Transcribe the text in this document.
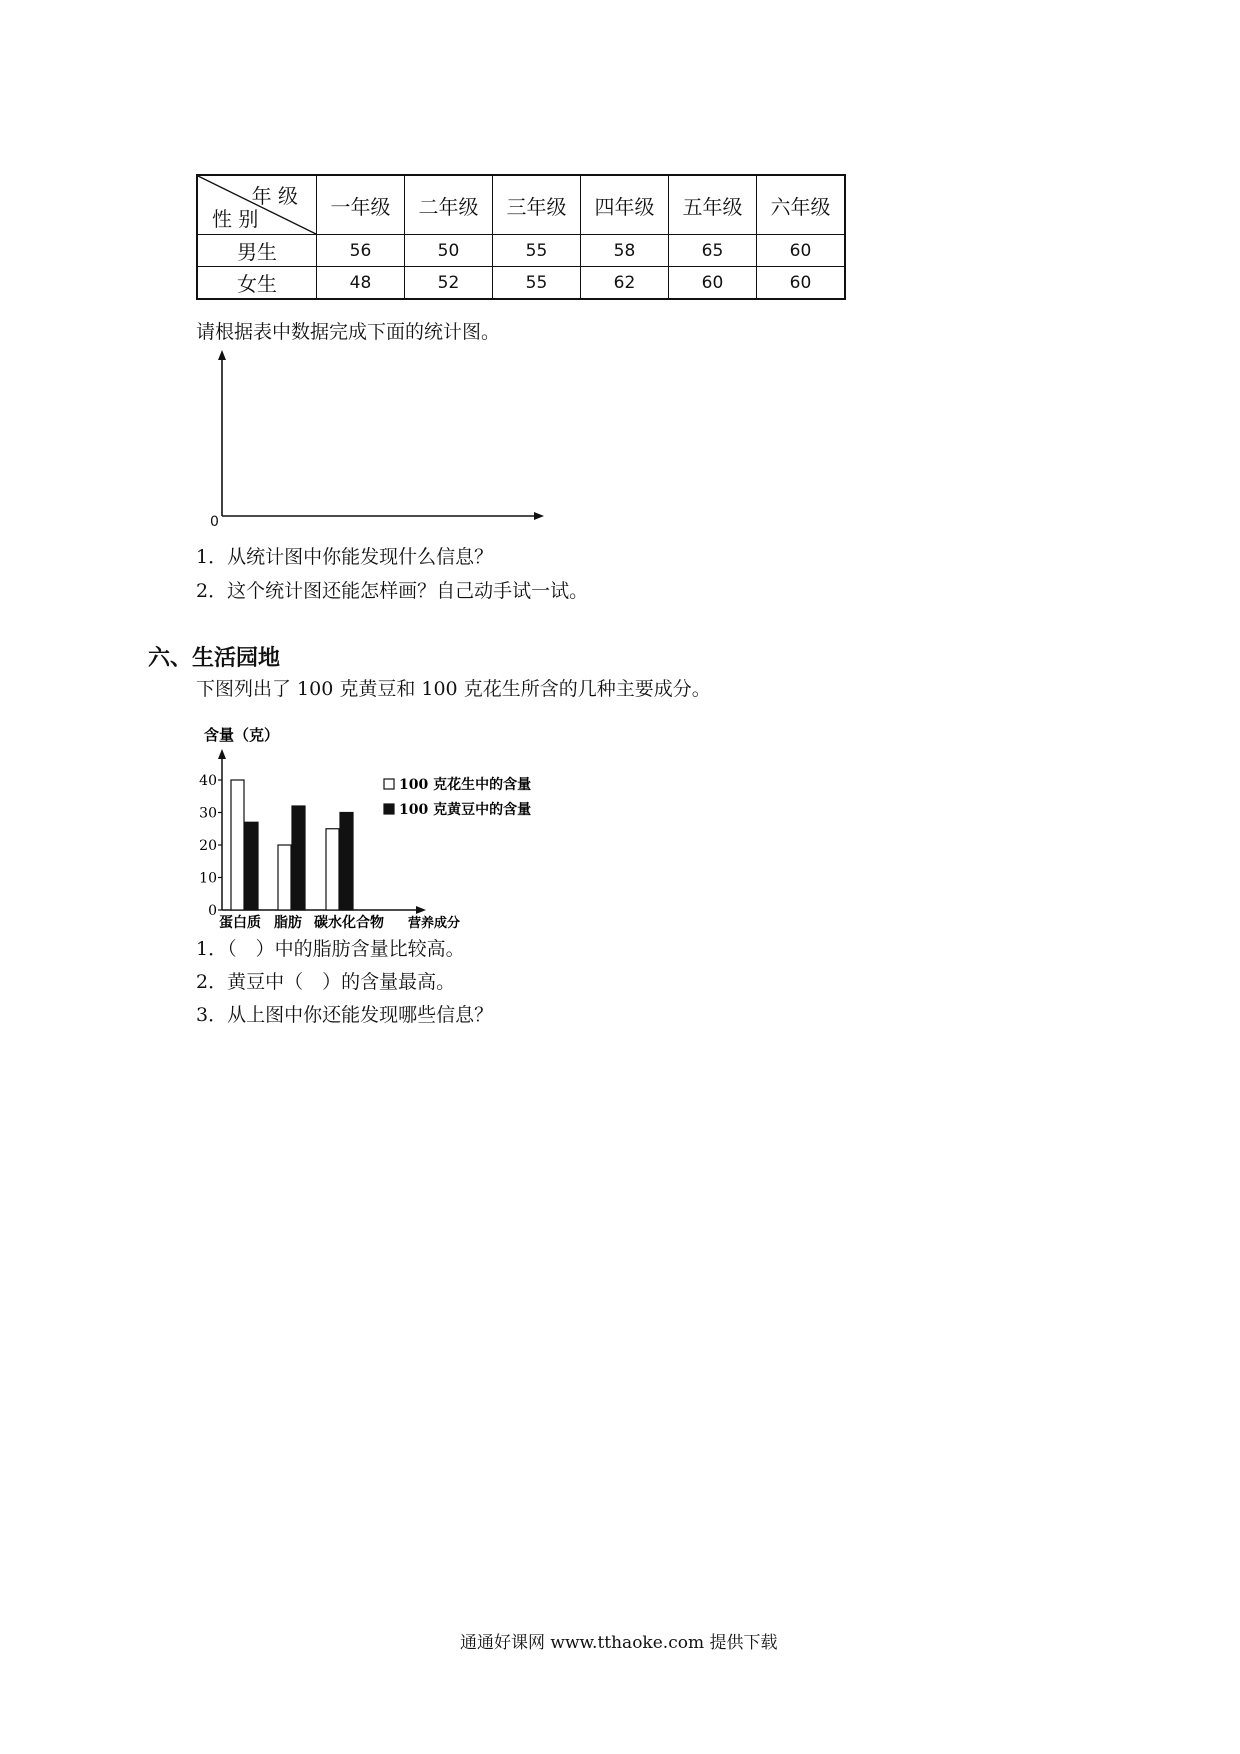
年 级
性 别	一年级	二年级	三年级	四年级	五年级	六年级
男生	56	50	55	58	65	60
女生	48	52	55	62	60	60
请根据表中数据完成下面的统计图。
0
1．从统计图中你能发现什么信息？
2．这个统计图还能怎样画？自己动手试一试。
六、生活园地
下图列出了 100 克黄豆和 100 克花生所含的几种主要成分。
含量（克）
0
10
20
30
40
蛋白质 脂肪 碳水化合物 营养成分
100 克花生中的含量
100 克黄豆中的含量
1．（　）中的脂肪含量比较高。
2．黄豆中（　）的含量最高。
3．从上图中你还能发现哪些信息？
通通好课网 www.tthaoke.com 提供下载
